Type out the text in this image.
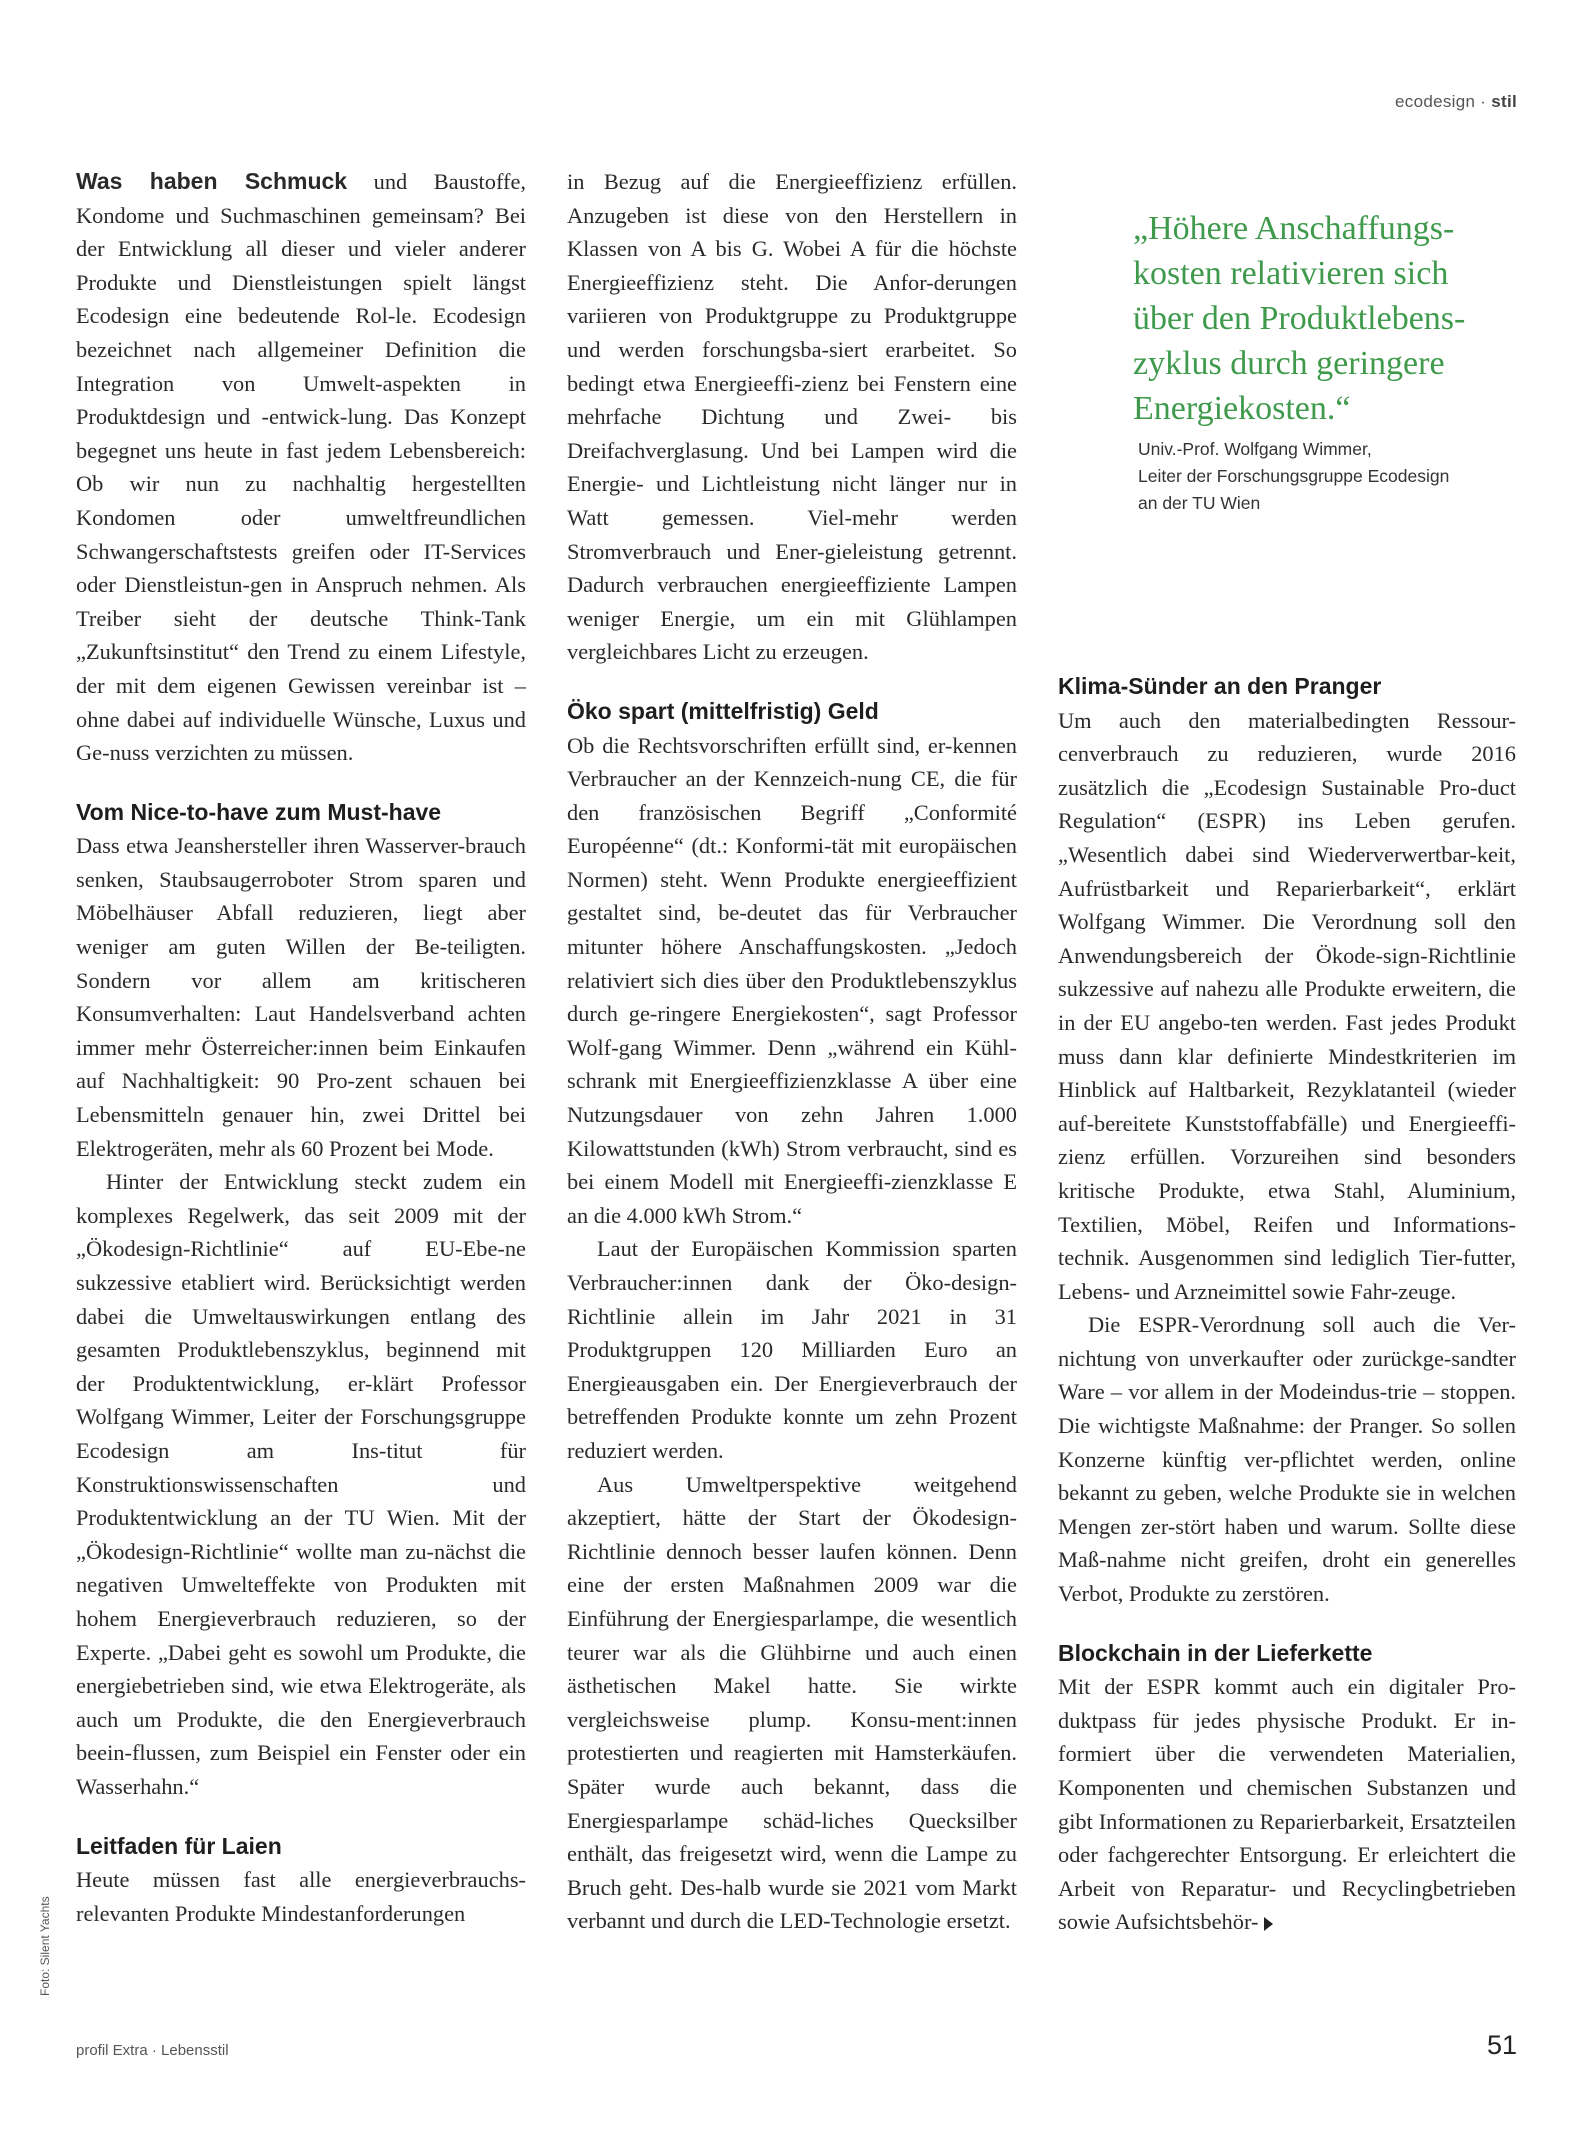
ecodesign · stil
Foto: Silent Yachts

Was haben Schmuck und Baustoffe, Kondome und Suchmaschinen gemeinsam? Bei der Entwicklung all dieser und vieler anderer Produkte und Dienstleistungen spielt längst Ecodesign eine bedeutende Rol-le. Ecodesign bezeichnet nach allgemeiner Definition die Integration von Umwelt-aspekten in Produktdesign und -entwick-lung. Das Konzept begegnet uns heute in fast jedem Lebensbereich: Ob wir nun zu nachhaltig hergestellten Kondomen oder umweltfreundlichen Schwangerschaftstests greifen oder IT-Services oder Dienstleistun-gen in Anspruch nehmen. Als Treiber sieht der deutsche Think-Tank „Zukunftsinstitut“ den Trend zu einem Lifestyle, der mit dem eigenen Gewissen vereinbar ist – ohne dabei auf individuelle Wünsche, Luxus und Ge-nuss verzichten zu müssen.

Vom Nice-to-have zum Must-have

Dass etwa Jeanshersteller ihren Wasserver-brauch senken, Staubsaugerroboter Strom sparen und Möbelhäuser Abfall reduzieren, liegt aber weniger am guten Willen der Be-teiligten. Sondern vor allem am kritischeren Konsumverhalten: Laut Handelsverband achten immer mehr Österreicher:innen beim Einkaufen auf Nachhaltigkeit: 90 Pro-zent schauen bei Lebensmitteln genauer hin, zwei Drittel bei Elektrogeräten, mehr als 60 Prozent bei Mode.

Hinter der Entwicklung steckt zudem ein komplexes Regelwerk, das seit 2009 mit der „Ökodesign-Richtlinie“ auf EU-Ebe-ne sukzessive etabliert wird. Berücksichtigt werden dabei die Umweltauswirkungen entlang des gesamten Produktlebenszyklus, beginnend mit der Produktentwicklung, er-klärt Professor Wolfgang Wimmer, Leiter der Forschungsgruppe Ecodesign am Ins-titut für Konstruktionswissenschaften und Produktentwicklung an der TU Wien. Mit der „Ökodesign-Richtlinie“ wollte man zu-nächst die negativen Umwelteffekte von Produkten mit hohem Energieverbrauch reduzieren, so der Experte. „Dabei geht es sowohl um Produkte, die energiebetrieben sind, wie etwa Elektrogeräte, als auch um Produkte, die den Energieverbrauch beein-flussen, zum Beispiel ein Fenster oder ein Wasserhahn.“

Leitfaden für Laien

Heute müssen fast alle energieverbrauchs-relevanten Produkte Mindestanforderungen

in Bezug auf die Energieeffizienz erfüllen. Anzugeben ist diese von den Herstellern in Klassen von A bis G. Wobei A für die höchste Energieeffizienz steht. Die Anfor-derungen variieren von Produktgruppe zu Produktgruppe und werden forschungsba-siert erarbeitet. So bedingt etwa Energieeffi-zienz bei Fenstern eine mehrfache Dichtung und Zwei- bis Dreifachverglasung. Und bei Lampen wird die Energie- und Lichtleistung nicht länger nur in Watt gemessen. Viel-mehr werden Stromverbrauch und Ener-gieleistung getrennt. Dadurch verbrauchen energieeffiziente Lampen weniger Energie, um ein mit Glühlampen vergleichbares Licht zu erzeugen.

Öko spart (mittelfristig) Geld

Ob die Rechtsvorschriften erfüllt sind, er-kennen Verbraucher an der Kennzeich-nung CE, die für den französischen Begriff „Conformité Européenne“ (dt.: Konformi-tät mit europäischen Normen) steht. Wenn Produkte energieeffizient gestaltet sind, be-deutet das für Verbraucher mitunter höhere Anschaffungskosten. „Jedoch relativiert sich dies über den Produktlebenszyklus durch ge-ringere Energiekosten“, sagt Professor Wolf-gang Wimmer. Denn „während ein Kühl-schrank mit Energieeffizienzklasse A über eine Nutzungsdauer von zehn Jahren 1.000 Kilowattstunden (kWh) Strom verbraucht, sind es bei einem Modell mit Energieeffi-zienzklasse E an die 4.000 kWh Strom.“

Laut der Europäischen Kommission sparten Verbraucher:innen dank der Öko-design-Richtlinie allein im Jahr 2021 in 31 Produktgruppen 120 Milliarden Euro an Energieausgaben ein. Der Energieverbrauch der betreffenden Produkte konnte um zehn Prozent reduziert werden.

Aus Umweltperspektive weitgehend akzeptiert, hätte der Start der Ökodesign-Richtlinie dennoch besser laufen können. Denn eine der ersten Maßnahmen 2009 war die Einführung der Energiesparlampe, die wesentlich teurer war als die Glühbirne und auch einen ästhetischen Makel hatte. Sie wirkte vergleichsweise plump. Konsu-ment:innen protestierten und reagierten mit Hamsterkäufen. Später wurde auch bekannt, dass die Energiesparlampe schäd-liches Quecksilber enthält, das freigesetzt wird, wenn die Lampe zu Bruch geht. Des-halb wurde sie 2021 vom Markt verbannt und durch die LED-Technologie ersetzt.

„Höhere Anschaffungs-kosten relativieren sich über den Produktlebens-zyklus durch geringere Energiekosten.“
Univ.-Prof. Wolfgang Wimmer,
Leiter der Forschungsgruppe Ecodesign
an der TU Wien
Klima-Sünder an den Pranger

Um auch den materialbedingten Ressour-cenverbrauch zu reduzieren, wurde 2016 zusätzlich die „Ecodesign Sustainable Pro-duct Regulation“ (ESPR) ins Leben gerufen. „Wesentlich dabei sind Wiederverwertbar-keit, Aufrüstbarkeit und Reparierbarkeit“, erklärt Wolfgang Wimmer. Die Verordnung soll den Anwendungsbereich der Ökode-sign-Richtlinie sukzessive auf nahezu alle Produkte erweitern, die in der EU angebo-ten werden. Fast jedes Produkt muss dann klar definierte Mindestkriterien im Hinblick auf Haltbarkeit, Rezyklatanteil (wieder auf-bereitete Kunststoffabfälle) und Energieeffi-zienz erfüllen. Vorzureihen sind besonders kritische Produkte, etwa Stahl, Aluminium, Textilien, Möbel, Reifen und Informations-technik. Ausgenommen sind lediglich Tier-futter, Lebens- und Arzneimittel sowie Fahr-zeuge.

Die ESPR-Verordnung soll auch die Ver-nichtung von unverkaufter oder zurückge-sandter Ware – vor allem in der Modeindus-trie – stoppen. Die wichtigste Maßnahme: der Pranger. So sollen Konzerne künftig ver-pflichtet werden, online bekannt zu geben, welche Produkte sie in welchen Mengen zer-stört haben und warum. Sollte diese Maß-nahme nicht greifen, droht ein generelles Verbot, Produkte zu zerstören.

Blockchain in der Lieferkette

Mit der ESPR kommt auch ein digitaler Pro-duktpass für jedes physische Produkt. Er in-formiert über die verwendeten Materialien, Komponenten und chemischen Substanzen und gibt Informationen zu Reparierbarkeit, Ersatzteilen oder fachgerechter Entsorgung. Er erleichtert die Arbeit von Reparatur- und Recyclingbetrieben sowie Aufsichtsbehör-

profil Extra · Lebensstil	51
